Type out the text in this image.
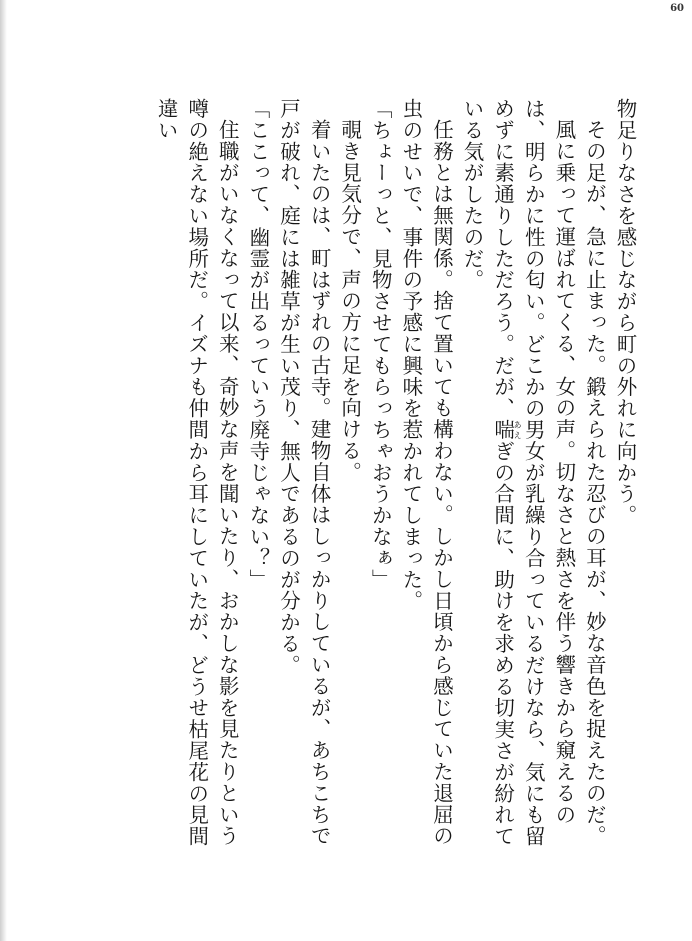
60

物足りなさを感じながら町の外れに向かう。

その足が、急に止まった。鍛えられた忍びの耳が、妙な音色を捉えたのだ。

風に乗って運ばれてくる、女の声。切なさと熱さを伴う響きから窺えるのは、明らかに性の匂い。どこかの男女が乳繰り合っているだけなら、気にも留めずに素通りしただろう。だが、喘あえぎの合間に、助けを求める切実さが紛れている気がしたのだ。

任務とは無関係。捨て置いても構わない。しかし日頃から感じていた退屈の虫のせいで、事件の予感に興味を惹かれてしまった。

「ちょーっと、見物させてもらっちゃおうかなぁ」

覗き見気分で、声の方に足を向ける。

着いたのは、町はずれの古寺。建物自体はしっかりしているが、あちこちで戸が破れ、庭には雑草が生い茂り、無人であるのが分かる。

「ここって、幽霊が出るっていう廃寺じゃない？」

住職がいなくなって以来、奇妙な声を聞いたり、おかしな影を見たりという噂の絶えない場所だ。イズナも仲間から耳にしていたが、どうせ枯尾花の見間違い
